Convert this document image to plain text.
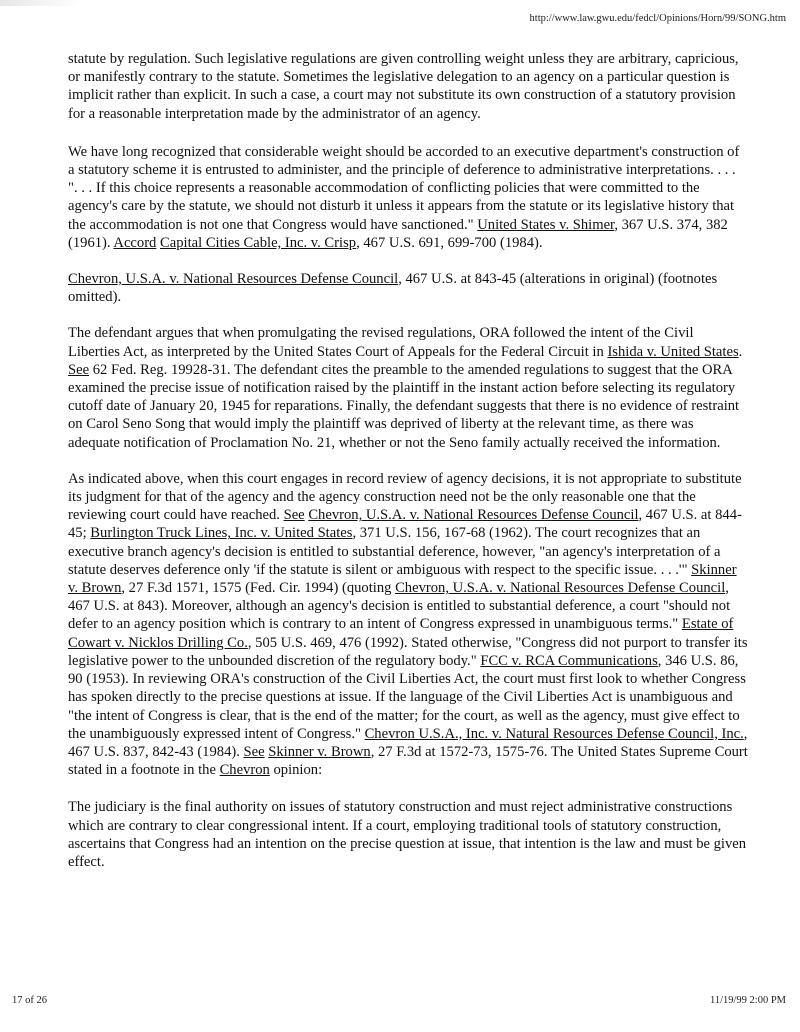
http://www.law.gwu.edu/fedcl/Opinions/Horn/99/SONG.htm

statute by regulation. Such legislative regulations are given controlling weight unless they are arbitrary, capricious, or manifestly contrary to the statute. Sometimes the legislative delegation to an agency on a particular question is implicit rather than explicit. In such a case, a court may not substitute its own construction of a statutory provision for a reasonable interpretation made by the administrator of an agency.

We have long recognized that considerable weight should be accorded to an executive department's construction of a statutory scheme it is entrusted to administer, and the principle of deference to administrative interpretations. . . . ". . . If this choice represents a reasonable accommodation of conflicting policies that were committed to the agency's care by the statute, we should not disturb it unless it appears from the statute or its legislative history that the accommodation is not one that Congress would have sanctioned." United States v. Shimer, 367 U.S. 374, 382 (1961). Accord Capital Cities Cable, Inc. v. Crisp, 467 U.S. 691, 699-700 (1984).

Chevron, U.S.A. v. National Resources Defense Council, 467 U.S. at 843-45 (alterations in original) (footnotes omitted).

The defendant argues that when promulgating the revised regulations, ORA followed the intent of the Civil Liberties Act, as interpreted by the United States Court of Appeals for the Federal Circuit in Ishida v. United States. See 62 Fed. Reg. 19928-31. The defendant cites the preamble to the amended regulations to suggest that the ORA examined the precise issue of notification raised by the plaintiff in the instant action before selecting its regulatory cutoff date of January 20, 1945 for reparations. Finally, the defendant suggests that there is no evidence of restraint on Carol Seno Song that would imply the plaintiff was deprived of liberty at the relevant time, as there was adequate notification of Proclamation No. 21, whether or not the Seno family actually received the information.

As indicated above, when this court engages in record review of agency decisions, it is not appropriate to substitute its judgment for that of the agency and the agency construction need not be the only reasonable one that the reviewing court could have reached. See Chevron, U.S.A. v. National Resources Defense Council, 467 U.S. at 844-45; Burlington Truck Lines, Inc. v. United States, 371 U.S. 156, 167-68 (1962). The court recognizes that an executive branch agency's decision is entitled to substantial deference, however, "an agency's interpretation of a statute deserves deference only 'if the statute is silent or ambiguous with respect to the specific issue. . . .'" Skinner v. Brown, 27 F.3d 1571, 1575 (Fed. Cir. 1994) (quoting Chevron, U.S.A. v. National Resources Defense Council, 467 U.S. at 843). Moreover, although an agency's decision is entitled to substantial deference, a court "should not defer to an agency position which is contrary to an intent of Congress expressed in unambiguous terms." Estate of Cowart v. Nicklos Drilling Co., 505 U.S. 469, 476 (1992). Stated otherwise, "Congress did not purport to transfer its legislative power to the unbounded discretion of the regulatory body." FCC v. RCA Communications, 346 U.S. 86, 90 (1953). In reviewing ORA's construction of the Civil Liberties Act, the court must first look to whether Congress has spoken directly to the precise questions at issue. If the language of the Civil Liberties Act is unambiguous and "the intent of Congress is clear, that is the end of the matter; for the court, as well as the agency, must give effect to the unambiguously expressed intent of Congress." Chevron U.S.A., Inc. v. Natural Resources Defense Council, Inc., 467 U.S. 837, 842-43 (1984). See Skinner v. Brown, 27 F.3d at 1572-73, 1575-76. The United States Supreme Court stated in a footnote in the Chevron opinion:

The judiciary is the final authority on issues of statutory construction and must reject administrative constructions which are contrary to clear congressional intent. If a court, employing traditional tools of statutory construction, ascertains that Congress had an intention on the precise question at issue, that intention is the law and must be given effect.

17 of 26	11/19/99 2:00 PM
